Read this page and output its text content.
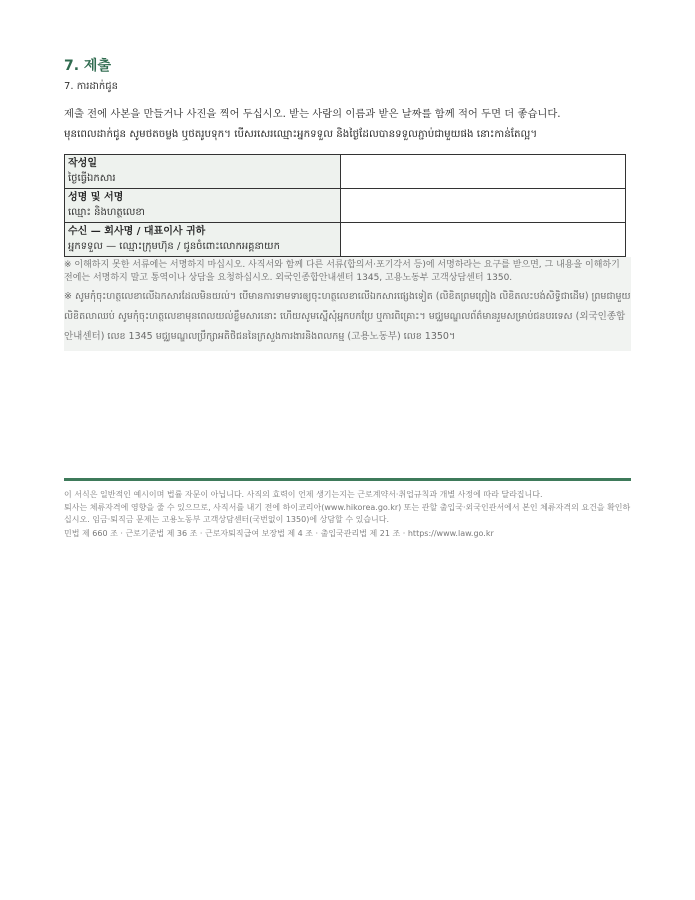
7. 제출
7. ការដាក់ជូន

제출 전에 사본을 만들거나 사진을 찍어 두십시오. 받는 사람의 이름과 받은 날짜를 함께 적어 두면 더 좋습니다.

មុនពេលដាក់ជូន សូមថតចម្លង ឬថតរូបទុក។ បើសរសេរឈ្មោះអ្នកទទួល និងថ្ងៃដែលបានទទួលភ្ជាប់ជាមួយផង នោះកាន់តែល្អ។

작성일
ថ្ងៃធ្វើឯកសារ	

성명 및 서명
ឈ្មោះ និងហត្ថលេខា	

수신 — 회사명 / 대표이사 귀하
អ្នកទទួល — ឈ្មោះក្រុមហ៊ុន / ជូនចំពោះលោកអគ្គនាយក	

※ 이해하지 못한 서류에는 서명하지 마십시오. 사직서와 함께 다른 서류(합의서·포기각서 등)에 서명하라는 요구를 받으면, 그 내용을 이해하기 전에는 서명하지 말고 통역이나 상담을 요청하십시오. 외국인종합안내센터 1345, 고용노동부 고객상담센터 1350.

※ សូមកុំចុះហត្ថលេខាលើឯកសារដែលមិនយល់។ បើមានការទាមទារឲ្យចុះហត្ថលេខាលើឯកសារផ្សេងទៀត (លិខិតព្រមព្រៀង លិខិតលះបង់សិទ្ធិជាដើម) ព្រមជាមួយលិខិតលាឈប់ សូមកុំចុះហត្ថលេខាមុនពេលយល់ខ្លឹមសារនោះ ហើយសូមស្នើសុំអ្នកបកប្រែ ឬការពិគ្រោះ។ មជ្ឈមណ្ឌលព័ត៌មានរួមសម្រាប់ជនបរទេស (외국인종합안내센터) លេខ 1345 មជ្ឈមណ្ឌលប្រឹក្សាអតិថិជននៃក្រសួងការងារនិងពលកម្ម (고용노동부) លេខ 1350។

이 서식은 일반적인 예시이며 법률 자문이 아닙니다. 사직의 효력이 언제 생기는지는 근로계약서·취업규칙과 개별 사정에 따라 달라집니다.

퇴사는 체류자격에 영향을 줄 수 있으므로, 사직서를 내기 전에 하이코리아(www.hikorea.go.kr) 또는 관할 출입국·외국인관서에서 본인 체류자격의 요건을 확인하십시오. 임금·퇴직금 문제는 고용노동부 고객상담센터(국번없이 1350)에 상담할 수 있습니다.

민법 제 660 조 · 근로기준법 제 36 조 · 근로자퇴직급여 보장법 제 4 조 · 출입국관리법 제 21 조 · https://www.law.go.kr
